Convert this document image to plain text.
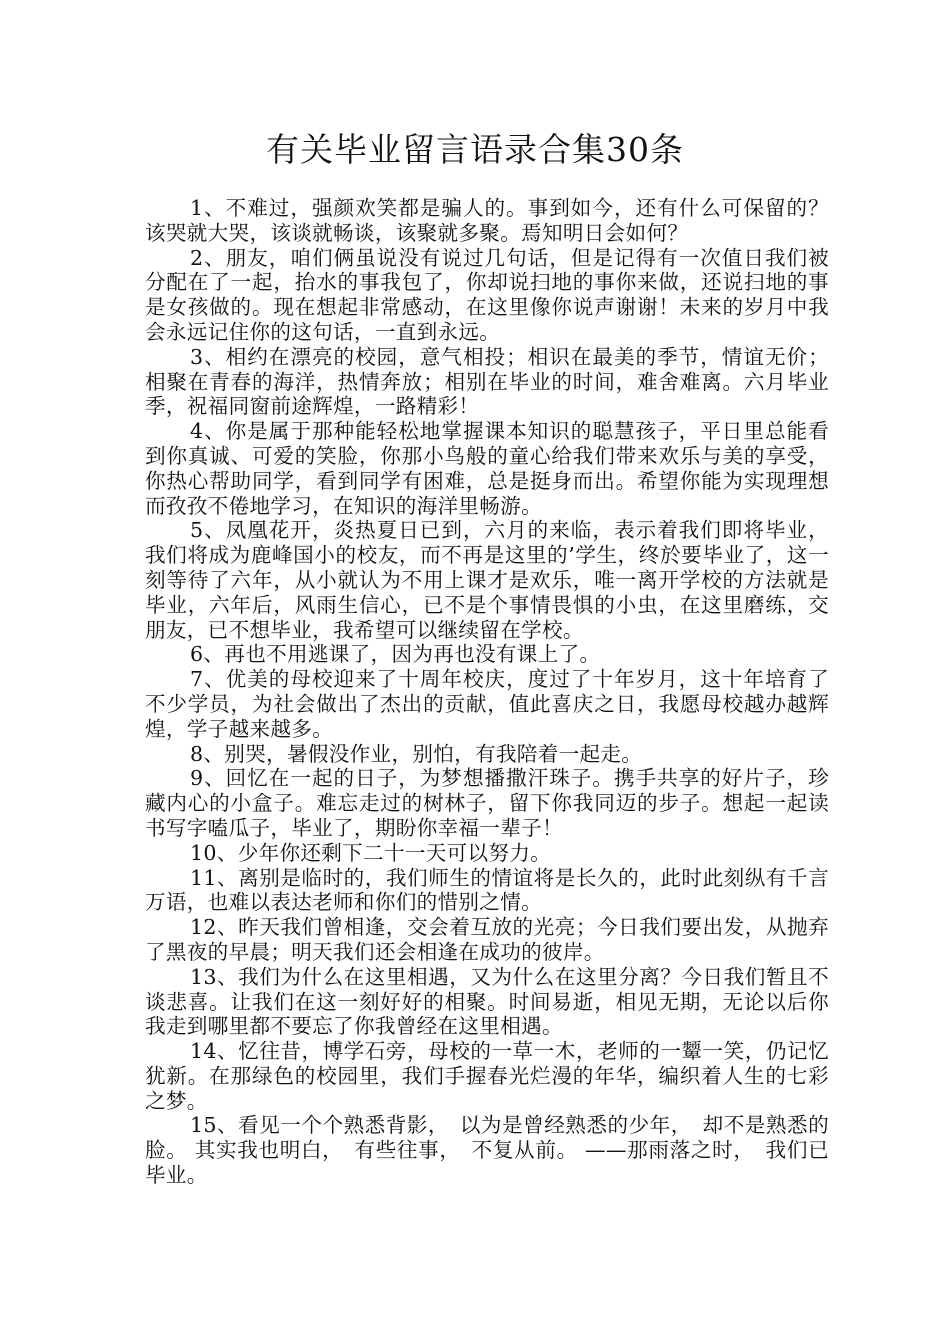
有关毕业留言语录合集30条

1、不难过，强颜欢笑都是骗人的。事到如今，还有什么可保留的？该哭就大哭，该谈就畅谈，该聚就多聚。焉知明日会如何？

2、朋友，咱们俩虽说没有说过几句话，但是记得有一次值日我们被分配在了一起，抬水的事我包了，你却说扫地的事你来做，还说扫地的事是女孩做的。现在想起非常感动，在这里像你说声谢谢！未来的岁月中我会永远记住你的这句话，一直到永远。

3、相约在漂亮的校园，意气相投；相识在最美的季节，情谊无价；相聚在青春的海洋，热情奔放；相别在毕业的时间，难舍难离。六月毕业季，祝福同窗前途辉煌，一路精彩！

4、你是属于那种能轻松地掌握课本知识的聪慧孩子，平日里总能看到你真诚、可爱的笑脸，你那小鸟般的童心给我们带来欢乐与美的享受，你热心帮助同学，看到同学有困难，总是挺身而出。希望你能为实现理想而孜孜不倦地学习，在知识的海洋里畅游。

5、凤凰花开，炎热夏日已到，六月的来临，表示着我们即将毕业，我们将成为鹿峰国小的校友，而不再是这里的’学生，终於要毕业了，这一刻等待了六年，从小就认为不用上课才是欢乐，唯一离开学校的方法就是毕业，六年后，风雨生信心，已不是个事情畏惧的小虫，在这里磨练，交朋友，已不想毕业，我希望可以继续留在学校。

6、再也不用逃课了，因为再也没有课上了。

7、优美的母校迎来了十周年校庆，度过了十年岁月，这十年培育了不少学员，为社会做出了杰出的贡献，值此喜庆之日，我愿母校越办越辉煌，学子越来越多。

8、别哭，暑假没作业，别怕，有我陪着一起走。

9、回忆在一起的日子，为梦想播撒汗珠子。携手共享的好片子，珍藏内心的小盒子。难忘走过的树林子，留下你我同迈的步子。想起一起读书写字嗑瓜子，毕业了，期盼你幸福一辈子！

10、少年你还剩下二十一天可以努力。

11、离别是临时的，我们师生的情谊将是长久的，此时此刻纵有千言万语，也难以表达老师和你们的惜别之情。

12、昨天我们曾相逢，交会着互放的光亮；今日我们要出发，从抛弃了黑夜的早晨；明天我们还会相逢在成功的彼岸。

13、我们为什么在这里相遇，又为什么在这里分离？今日我们暂且不谈悲喜。让我们在这一刻好好的相聚。时间易逝，相见无期，无论以后你我走到哪里都不要忘了你我曾经在这里相遇。

14、忆往昔，博学石旁，母校的一草一木，老师的一颦一笑，仍记忆犹新。在那绿色的校园里，我们手握春光烂漫的年华，编织着人生的七彩之梦。

15、看见一个个熟悉背影，　以为是曾经熟悉的少年，　却不是熟悉的脸。 其实我也明白，　有些往事，　不复从前。 ——那雨落之时，　我们已毕业。
